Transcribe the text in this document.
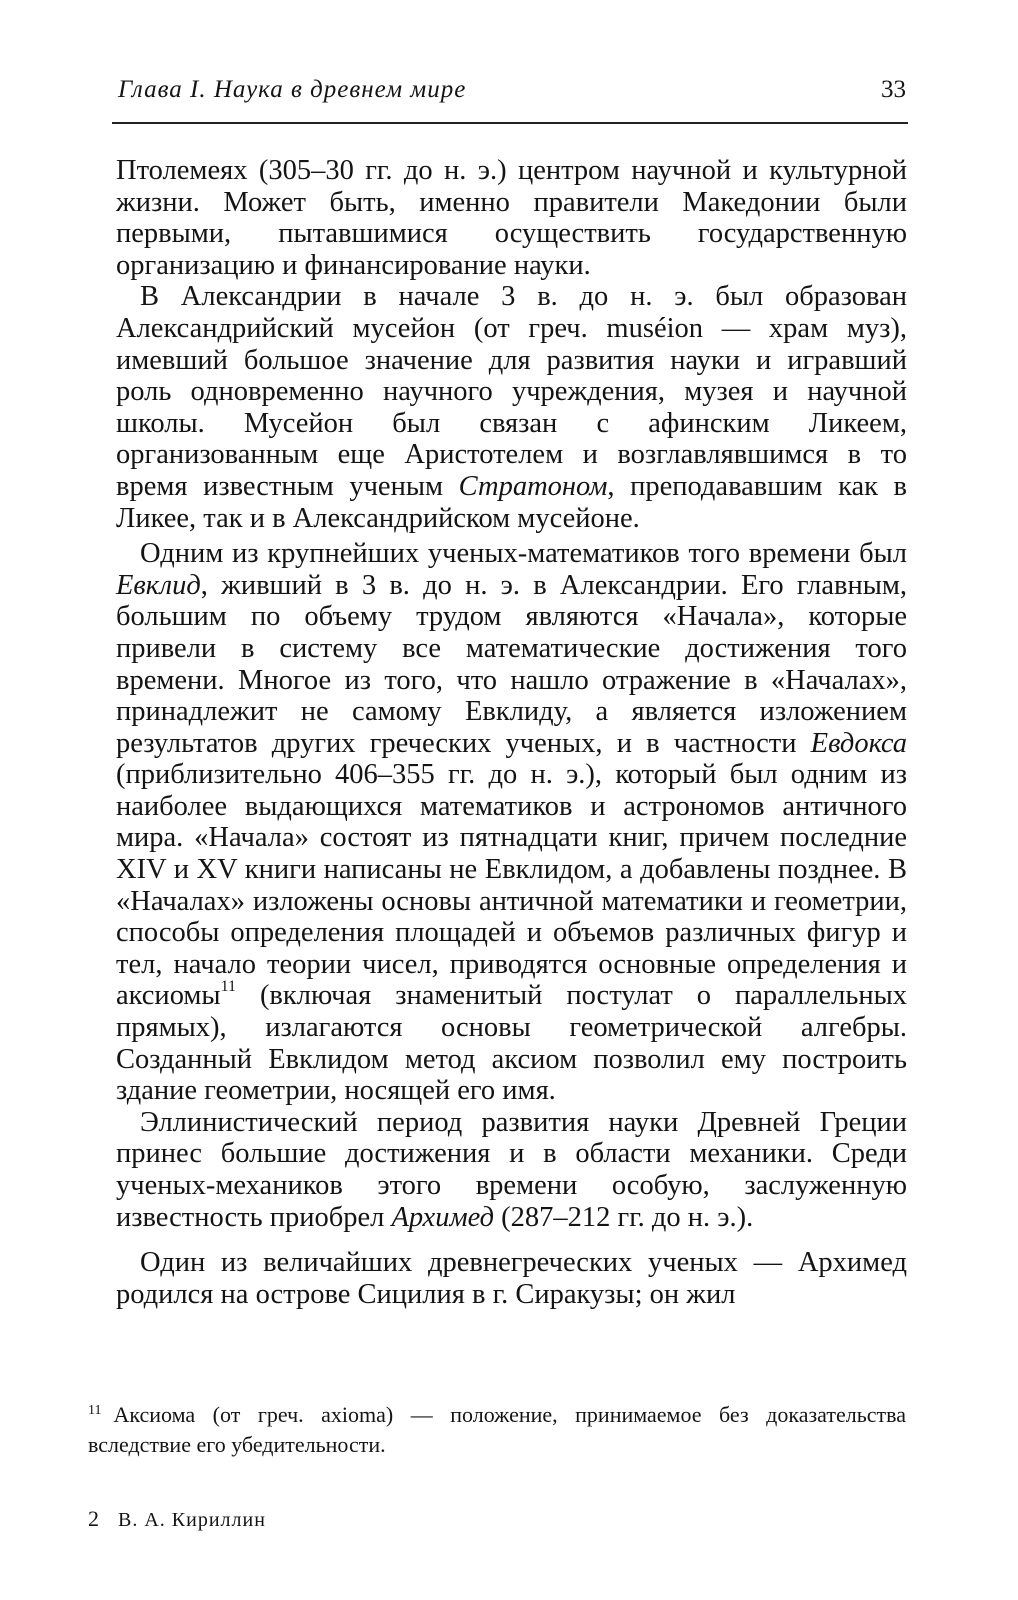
Глава I. Наука в древнем мире	33

Птолемеях (305–30 гг. до н. э.) центром научной и культурной жизни. Может быть, именно правители Македонии были первыми, пытавшимися осуществить государственную организацию и финансирование науки.

В Александрии в начале 3 в. до н. э. был образован Александрийский мусейон (от греч. muséion — храм муз), имевший большое значение для развития науки и игравший роль одновременно научного учреждения, музея и научной школы. Мусейон был связан с афинским Ликеем, организованным еще Аристотелем и возглавлявшимся в то время известным ученым Стратоном, преподававшим как в Ликее, так и в Александрийском мусейоне.

Одним из крупнейших ученых-математиков того времени был Евклид, живший в 3 в. до н. э. в Александрии. Его главным, большим по объему трудом являются «Начала», которые привели в систему все математические достижения того времени. Многое из того, что нашло отражение в «Началах», принадлежит не самому Евклиду, а является изложением результатов других греческих ученых, и в частности Евдокса (приблизительно 406–355 гг. до н. э.), который был одним из наиболее выдающихся математиков и астрономов античного мира. «Начала» состоят из пятнадцати книг, причем последние XIV и XV книги написаны не Евклидом, а добавлены позднее. В «Началах» изложены основы античной математики и геометрии, способы определения площадей и объемов различных фигур и тел, начало теории чисел, приводятся основные определения и аксиомы$^{11}$ (включая знаменитый постулат о параллельных прямых), излагаются основы геометрической алгебры. Созданный Евклидом метод аксиом позволил ему построить здание геометрии, носящей его имя.

Эллинистический период развития науки Древней Греции принес большие достижения и в области механики. Среди ученых-механиков этого времени особую, заслуженную известность приобрел Архимед (287–212 гг. до н. э.).

Один из величайших древнегреческих ученых — Архимед родился на острове Сицилия в г. Сиракузы; он жил

$^{11}$ Аксиома (от греч. axioma) — положение, принимаемое без доказательства вследствие его убедительности.
2 В. А. Кириллин
